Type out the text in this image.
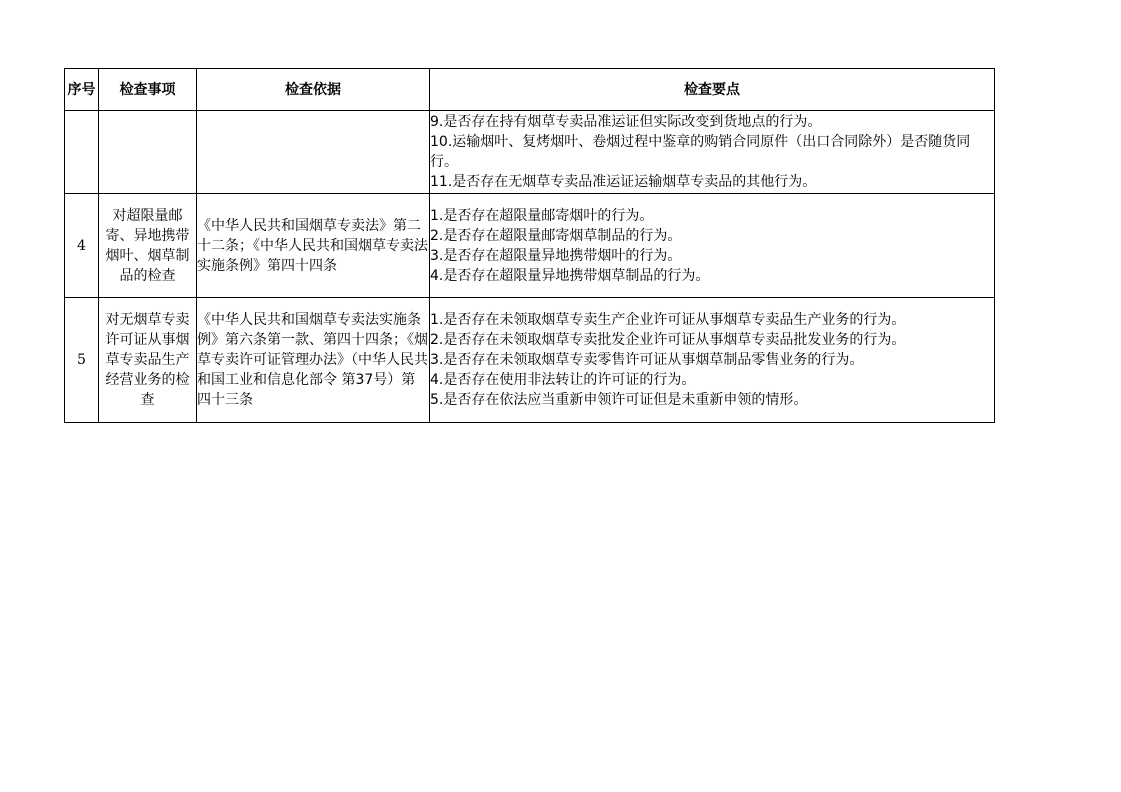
序号	检查事项	检查依据	检查要点

			9.是否存在持有烟草专卖品准运证但实际改变到货地点的行为。
10.运输烟叶、复烤烟叶、卷烟过程中鉴章的购销合同原件（出口合同除外）是否随货同行。
11.是否存在无烟草专卖品准运证运输烟草专卖品的其他行为。

4	对超限量邮寄、异地携带烟叶、烟草制品的检查	《中华人民共和国烟草专卖法》第二十二条；《中华人民共和国烟草专卖法实施条例》第四十四条	1.是否存在超限量邮寄烟叶的行为。
2.是否存在超限量邮寄烟草制品的行为。
3.是否存在超限量异地携带烟叶的行为。
4.是否存在超限量异地携带烟草制品的行为。

5	对无烟草专卖许可证从事烟草专卖品生产经营业务的检查	《中华人民共和国烟草专卖法实施条例》第六条第一款、第四十四条；《烟草专卖许可证管理办法》（中华人民共和国工业和信息化部令 第37号）第四十三条	1.是否存在未领取烟草专卖生产企业许可证从事烟草专卖品生产业务的行为。
2.是否存在未领取烟草专卖批发企业许可证从事烟草专卖品批发业务的行为。
3.是否存在未领取烟草专卖零售许可证从事烟草制品零售业务的行为。
4.是否存在使用非法转让的许可证的行为。
5.是否存在依法应当重新申领许可证但是未重新申领的情形。
